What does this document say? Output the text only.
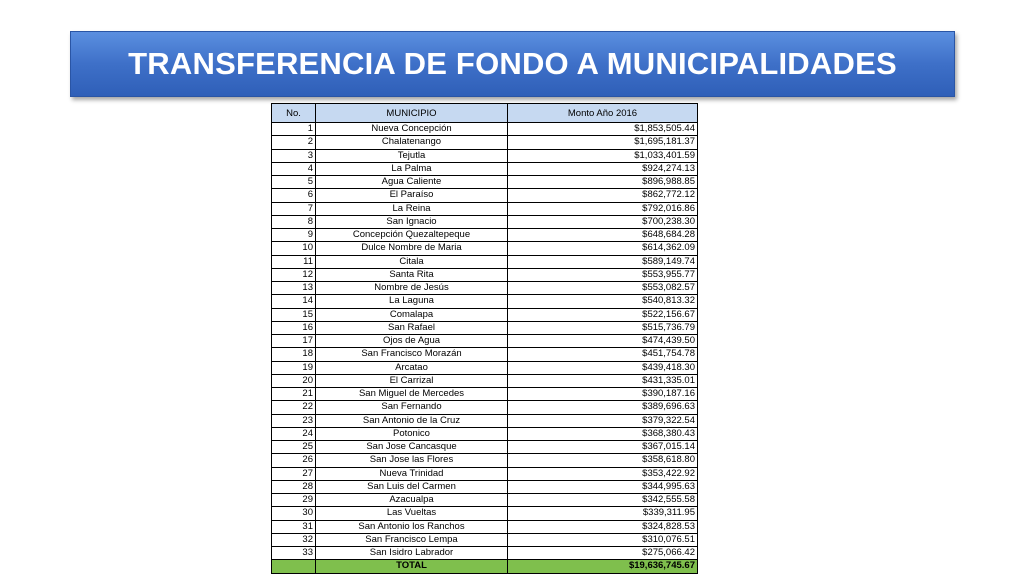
TRANSFERENCIA DE FONDO A MUNICIPALIDADES
No.	MUNICIPIO	Monto Año 2016
1	Nueva Concepción	$1,853,505.44
2	Chalatenango	$1,695,181.37
3	Tejutla	$1,033,401.59
4	La Palma	$924,274.13
5	Agua Caliente	$896,988.85
6	El Paraíso	$862,772.12
7	La Reina	$792,016.86
8	San Ignacio	$700,238.30
9	Concepción Quezaltepeque	$648,684.28
10	Dulce Nombre de Maria	$614,362.09
11	Citala	$589,149.74
12	Santa Rita	$553,955.77
13	Nombre de Jesús	$553,082.57
14	La Laguna	$540,813.32
15	Comalapa	$522,156.67
16	San Rafael	$515,736.79
17	Ojos de Agua	$474,439.50
18	San Francisco Morazán	$451,754.78
19	Arcatao	$439,418.30
20	El Carrizal	$431,335.01
21	San Miguel de Mercedes	$390,187.16
22	San Fernando	$389,696.63
23	San Antonio de la Cruz	$379,322.54
24	Potonico	$368,380.43
25	San Jose Cancasque	$367,015.14
26	San Jose las Flores	$358,618.80
27	Nueva Trinidad	$353,422.92
28	San Luis del Carmen	$344,995.63
29	Azacualpa	$342,555.58
30	Las Vueltas	$339,311.95
31	San Antonio los Ranchos	$324,828.53
32	San Francisco Lempa	$310,076.51
33	San Isidro Labrador	$275,066.42
	TOTAL	$19,636,745.67
